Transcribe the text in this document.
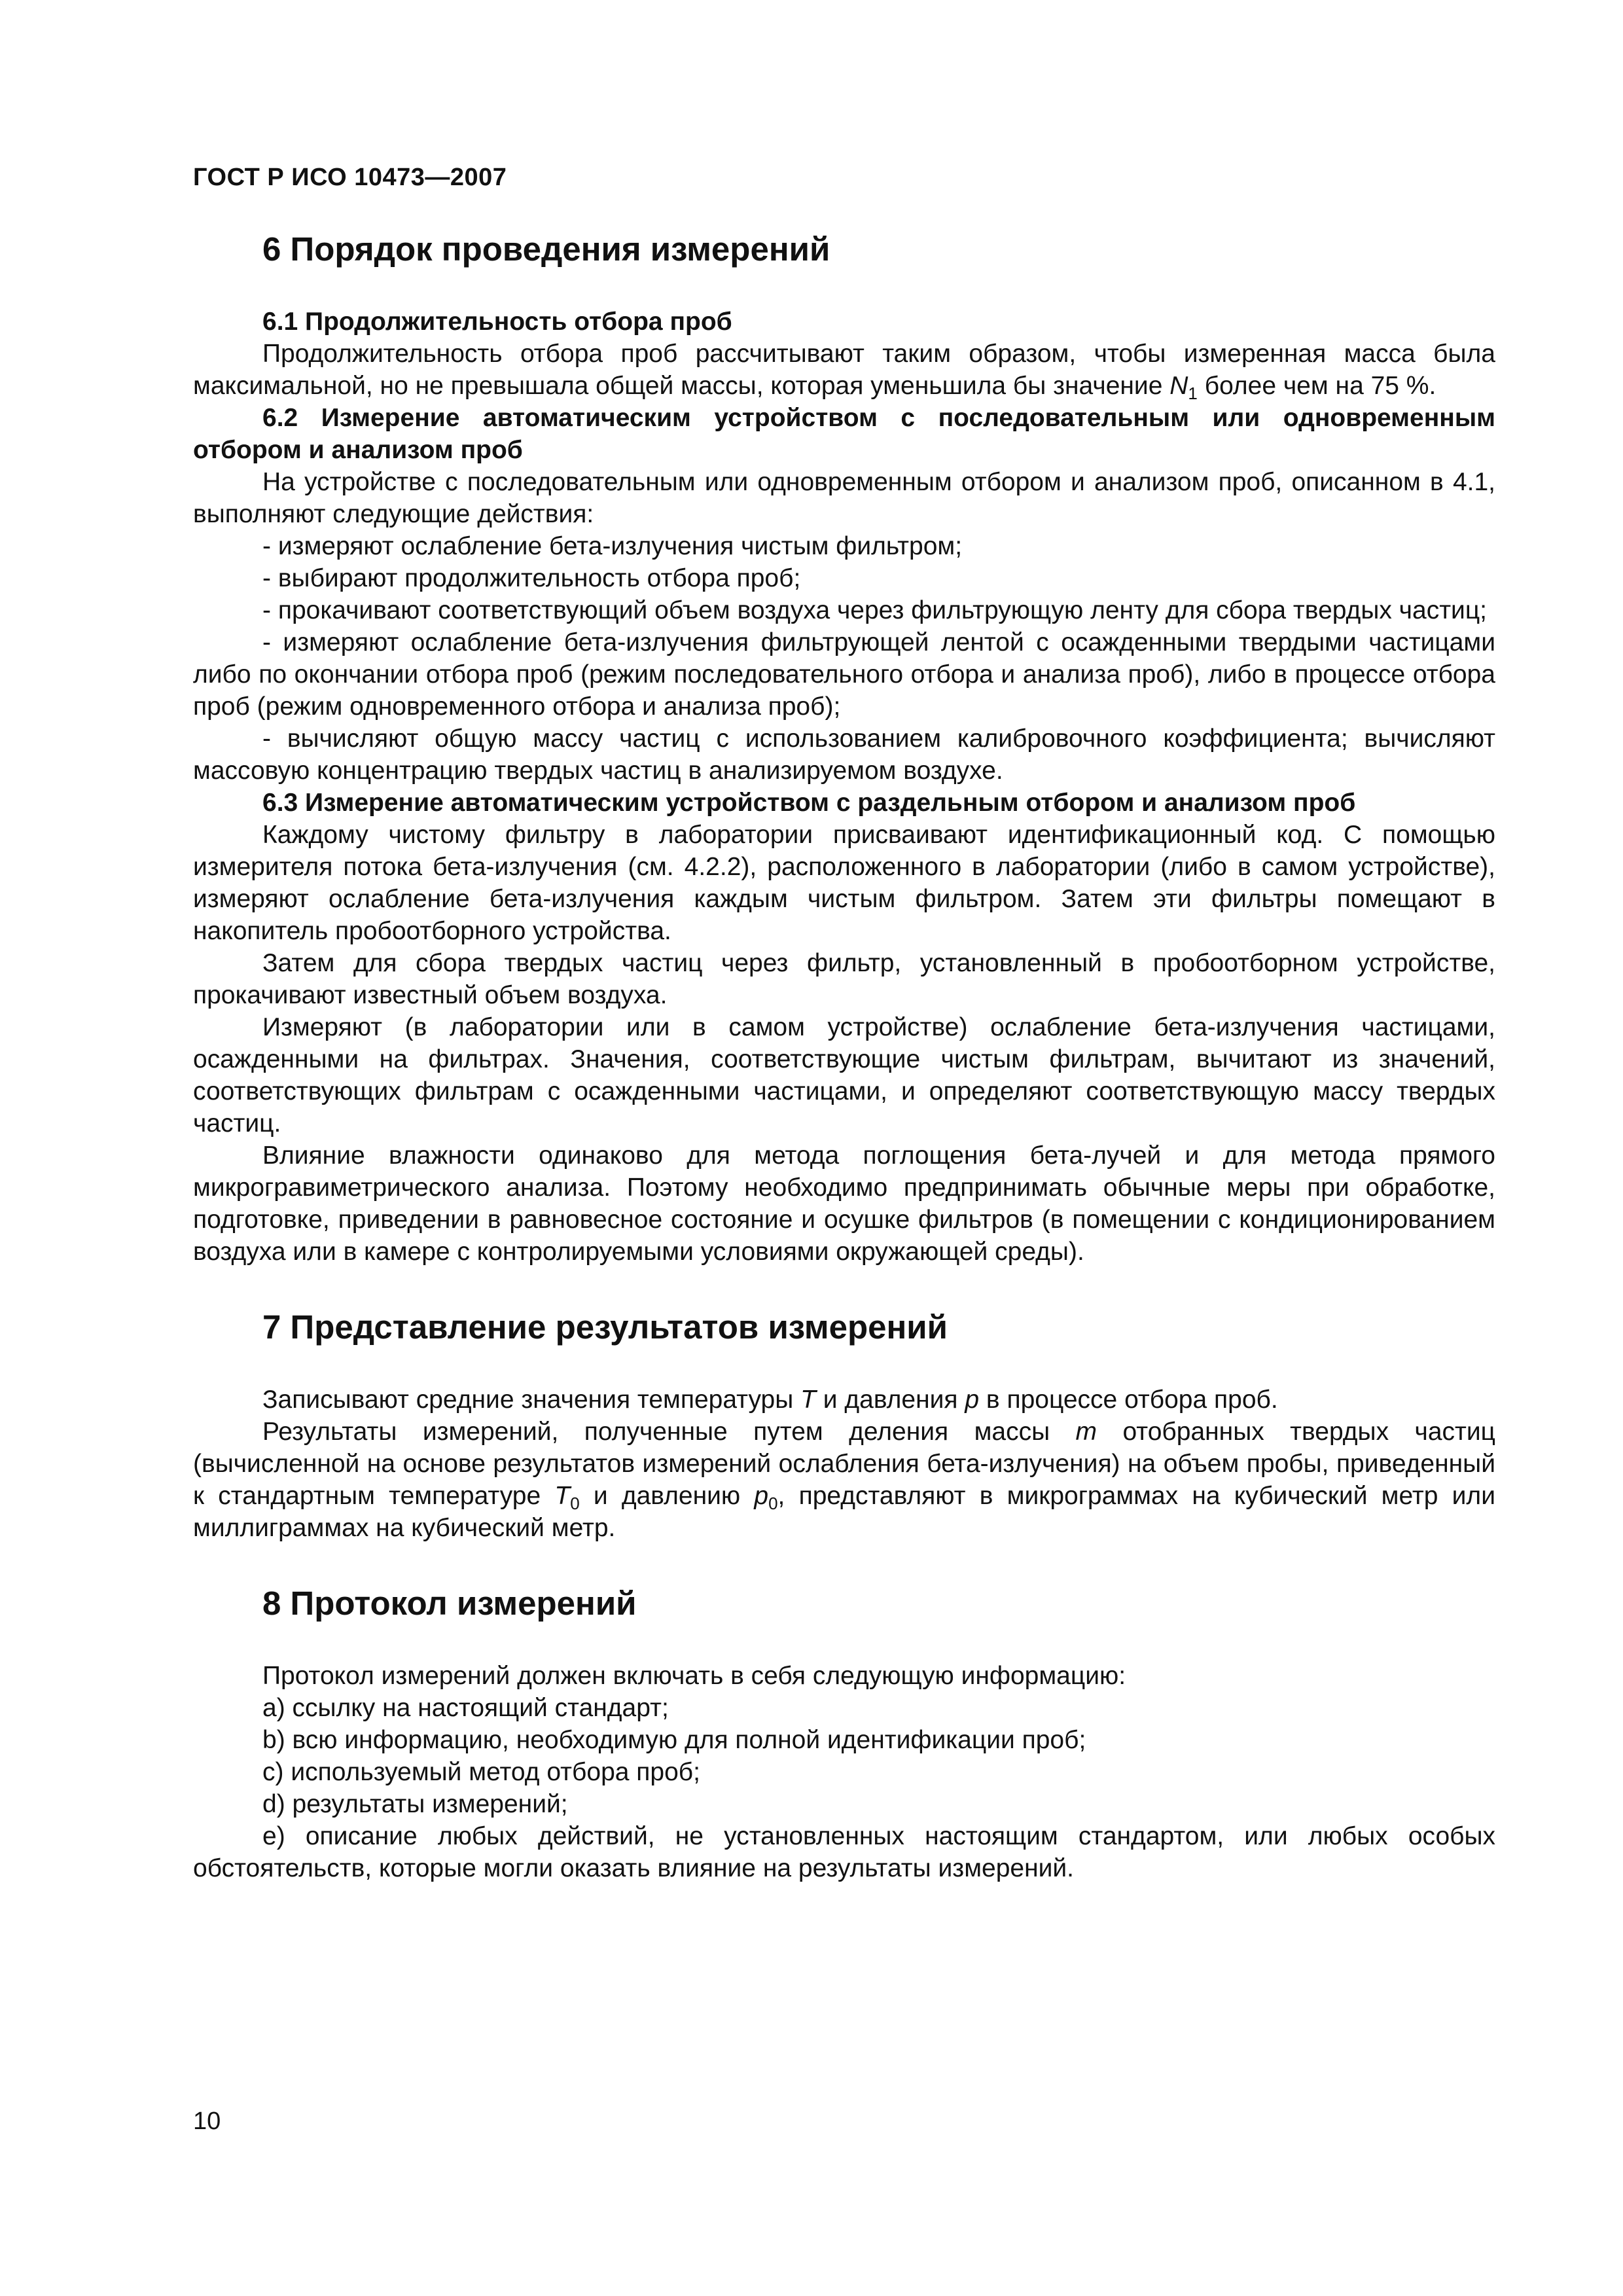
ГОСТ Р ИСО 10473—2007
6 Порядок проведения измерений

6.1 Продолжительность отбора проб

Продолжительность отбора проб рассчитывают таким образом, чтобы измеренная масса была максимальной, но не превышала общей массы, которая уменьшила бы значение $N_1$ более чем на 75 %.

6.2 Измерение автоматическим устройством с последовательным или одновременным отбором и анализом проб

На устройстве с последовательным или одновременным отбором и анализом проб, описанном в 4.1, выполняют следующие действия:

- измеряют ослабление бета-излучения чистым фильтром;

- выбирают продолжительность отбора проб;

- прокачивают соответствующий объем воздуха через фильтрующую ленту для сбора твердых частиц;

- измеряют ослабление бета-излучения фильтрующей лентой с осажденными твердыми частицами либо по окончании отбора проб (режим последовательного отбора и анализа проб), либо в процессе отбора проб (режим одновременного отбора и анализа проб);

- вычисляют общую массу частиц с использованием калибровочного коэффициента; вычисляют массовую концентрацию твердых частиц в анализируемом воздухе.

6.3 Измерение автоматическим устройством с раздельным отбором и анализом проб

Каждому чистому фильтру в лаборатории присваивают идентификационный код. С помощью измерителя потока бета-излучения (см. 4.2.2), расположенного в лаборатории (либо в самом устройстве), измеряют ослабление бета-излучения каждым чистым фильтром. Затем эти фильтры помещают в накопитель пробоотборного устройства.

Затем для сбора твердых частиц через фильтр, установленный в пробоотборном устройстве, прокачивают известный объем воздуха.

Измеряют (в лаборатории или в самом устройстве) ослабление бета-излучения частицами, осажденными на фильтрах. Значения, соответствующие чистым фильтрам, вычитают из значений, соответствующих фильтрам с осажденными частицами, и определяют соответствующую массу твердых частиц.

Влияние влажности одинаково для метода поглощения бета-лучей и для метода прямого микрогравиметрического анализа. Поэтому необходимо предпринимать обычные меры при обработке, подготовке, приведении в равновесное состояние и осушке фильтров (в помещении с кондиционированием воздуха или в камере с контролируемыми условиями окружающей среды).

7 Представление результатов измерений

Записывают средние значения температуры T и давления p в процессе отбора проб.

Результаты измерений, полученные путем деления массы m отобранных твердых частиц (вычисленной на основе результатов измерений ослабления бета-излучения) на объем пробы, приведенный к стандартным температуре $T_0$ и давлению $p_0$, представляют в микрограммах на кубический метр или миллиграммах на кубический метр.

8 Протокол измерений

Протокол измерений должен включать в себя следующую информацию:

a) ссылку на настоящий стандарт;

b) всю информацию, необходимую для полной идентификации проб;

c) используемый метод отбора проб;

d) результаты измерений;

e) описание любых действий, не установленных настоящим стандартом, или любых особых обстоятельств, которые могли оказать влияние на результаты измерений.

10
